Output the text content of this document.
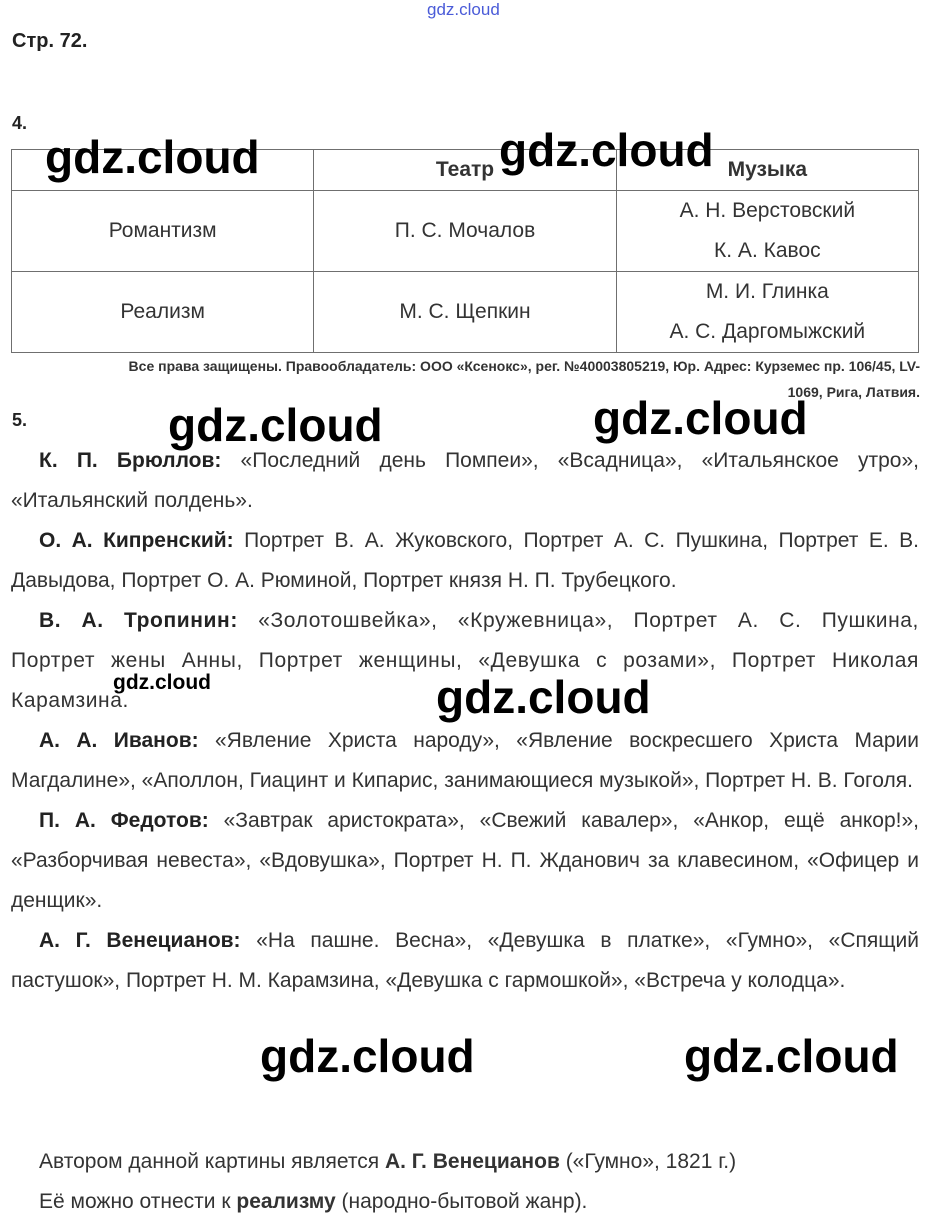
gdz.cloud
Стр. 72.
4.
	Театр	Музыка
Романтизм	П. С. Мочалов	А. Н. Верстовский
К. А. Кавос

Реализм	М. С. Щепкин	М. И. Глинка
А. С. Даргомыжский
Все права защищены. Правообладатель: ООО «Ксенокс», рег. №40003805219, Юр. Адрес: Курземес пр. 106/45, LV-
1069, Рига, Латвия.
5.
К. П. Брюллов: «Последний день Помпеи», «Всадница», «Итальянское утро», «Итальянский полдень».
О. А. Кипренский: Портрет В. А. Жуковского, Портрет А. С. Пушкина, Портрет Е. В. Давыдова, Портрет О. А. Рюминой, Портрет князя Н. П. Трубецкого.
В. А. Тропинин: «Золотошвейка», «Кружевница», Портрет А. С. Пушкина, Портрет жены Анны, Портрет женщины, «Девушка с розами», Портрет Николая Карамзина.
А. А. Иванов: «Явление Христа народу», «Явление воскресшего Христа Марии Магдалине», «Аполлон, Гиацинт и Кипарис, занимающиеся музыкой», Портрет Н. В. Гоголя.
П. А. Федотов: «Завтрак аристократа», «Свежий кавалер», «Анкор, ещё анкор!», «Разборчивая невеста», «Вдовушка», Портрет Н. П. Жданович за клавесином, «Офицер и денщик».
А. Г. Венецианов: «На пашне. Весна», «Девушка в платке», «Гумно», «Спящий пастушок», Портрет Н. М. Карамзина, «Девушка с гармошкой», «Встреча у колодца».
Автором данной картины является А. Г. Венецианов («Гумно», 1821 г.)
Её можно отнести к реализму (народно-бытовой жанр).
gdz.cloud	gdz.cloud
gdz.cloud	gdz.cloud
gdz.cloud	gdz.cloud
gdz.cloud	gdz.cloud
